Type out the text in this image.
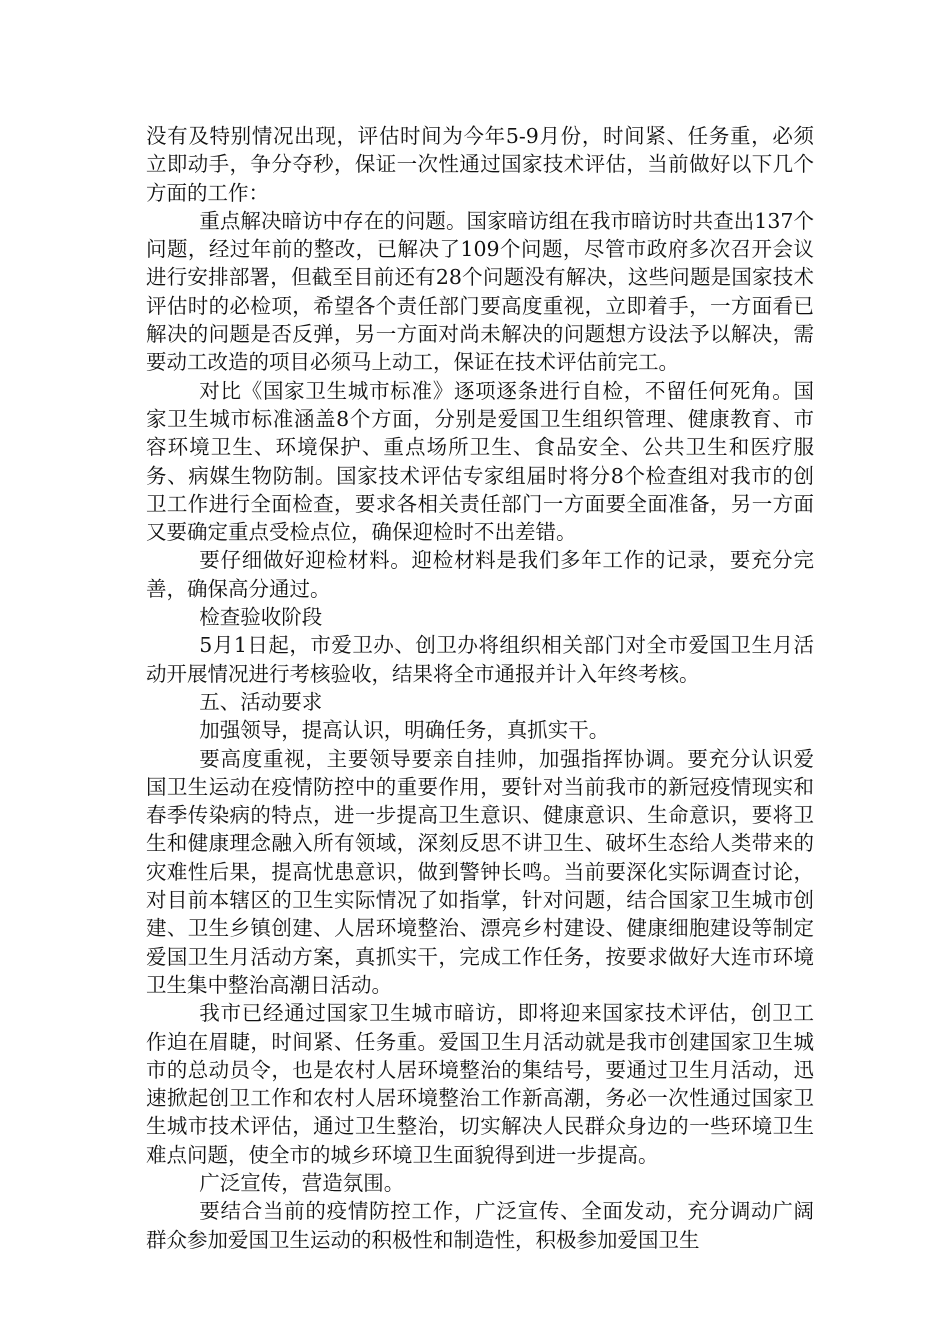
没有及特别情况出现，评估时间为今年5-9月份，时间紧、任务重，必须立即动手，争分夺秒，保证一次性通过国家技术评估，当前做好以下几个方面的工作：

重点解决暗访中存在的问题。国家暗访组在我市暗访时共查出137个问题，经过年前的整改，已解决了109个问题，尽管市政府多次召开会议进行安排部署，但截至目前还有28个问题没有解决，这些问题是国家技术评估时的必检项，希望各个责任部门要高度重视，立即着手，一方面看已解决的问题是否反弹，另一方面对尚未解决的问题想方设法予以解决，需要动工改造的项目必须马上动工，保证在技术评估前完工。

对比《国家卫生城市标准》逐项逐条进行自检，不留任何死角。国家卫生城市标准涵盖8个方面，分别是爱国卫生组织管理、健康教育、市容环境卫生、环境保护、重点场所卫生、食品安全、公共卫生和医疗服务、病媒生物防制。国家技术评估专家组届时将分8个检查组对我市的创卫工作进行全面检查，要求各相关责任部门一方面要全面准备，另一方面又要确定重点受检点位，确保迎检时不出差错。

要仔细做好迎检材料。迎检材料是我们多年工作的记录，要充分完善，确保高分通过。

检查验收阶段

5月1日起，市爱卫办、创卫办将组织相关部门对全市爱国卫生月活动开展情况进行考核验收，结果将全市通报并计入年终考核。

五、活动要求

加强领导，提高认识，明确任务，真抓实干。

要高度重视，主要领导要亲自挂帅，加强指挥协调。要充分认识爱国卫生运动在疫情防控中的重要作用，要针对当前我市的新冠疫情现实和春季传染病的特点，进一步提高卫生意识、健康意识、生命意识，要将卫生和健康理念融入所有领域，深刻反思不讲卫生、破坏生态给人类带来的灾难性后果，提高忧患意识，做到警钟长鸣。当前要深化实际调查讨论，对目前本辖区的卫生实际情况了如指掌，针对问题，结合国家卫生城市创建、卫生乡镇创建、人居环境整治、漂亮乡村建设、健康细胞建设等制定爱国卫生月活动方案，真抓实干，完成工作任务，按要求做好大连市环境卫生集中整治高潮日活动。

我市已经通过国家卫生城市暗访，即将迎来国家技术评估，创卫工作迫在眉睫，时间紧、任务重。爱国卫生月活动就是我市创建国家卫生城市的总动员令，也是农村人居环境整治的集结号，要通过卫生月活动，迅速掀起创卫工作和农村人居环境整治工作新高潮，务必一次性通过国家卫生城市技术评估，通过卫生整治，切实解决人民群众身边的一些环境卫生难点问题，使全市的城乡环境卫生面貌得到进一步提高。

广泛宣传，营造氛围。

要结合当前的疫情防控工作，广泛宣传、全面发动，充分调动广阔群众参加爱国卫生运动的积极性和制造性，积极参加爱国卫生
